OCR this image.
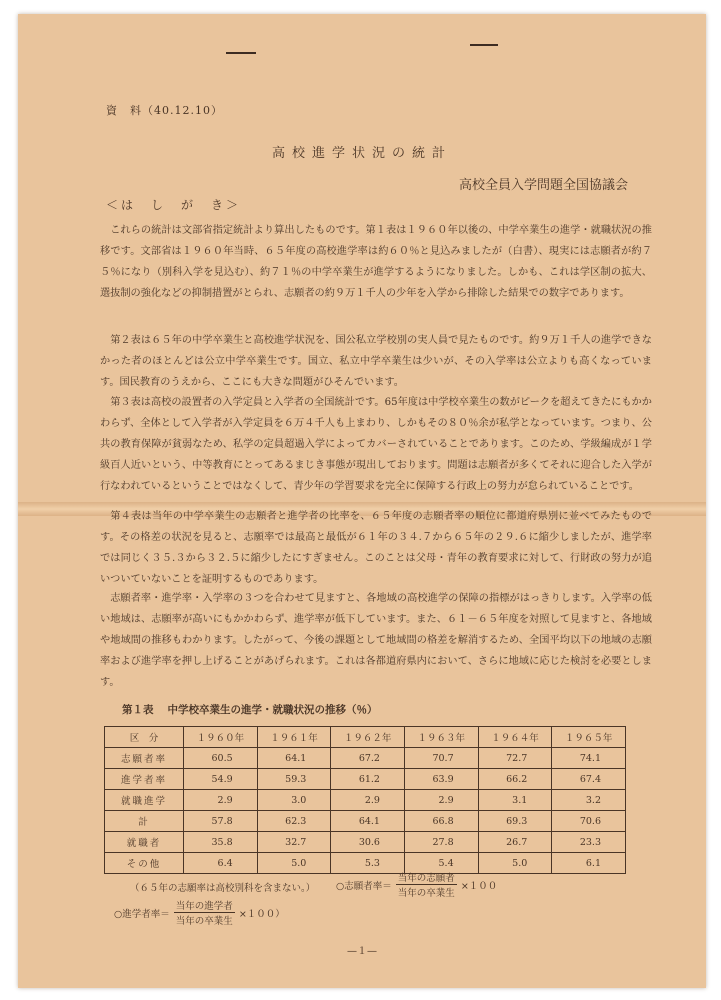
資　料（40.12.10）
高校進学状況の統計
高校全員入学問題全国協議会
＜は　し　が　き＞
これらの統計は文部省指定統計より算出したものです。第１表は１９６０年以後の、中学卒業生の進学・就職状況の推移です。文部省は１９６０年当時、６５年度の高校進学率は約６０％と見込みましたが（白書）、現実には志願者が約７５％になり（別科入学を見込む）、約７１％の中学卒業生が進学するようになりました。しかも、これは学区制の拡大、選抜制の強化などの抑制措置がとられ、志願者の約９万１千人の少年を入学から排除した結果での数字であります。
第２表は６５年の中学卒業生と高校進学状況を、国公私立学校別の実人員で見たものです。約９万１千人の進学できなかった者のほとんどは公立中学卒業生です。国立、私立中学卒業生は少いが、その入学率は公立よりも高くなっています。国民教育のうえから、ここにも大きな問題がひそんでいます。
第３表は高校の設置者の入学定員と入学者の全国統計です。65年度は中学校卒業生の数がピークを超えてきたにもかかわらず、全体として入学者が入学定員を６万４千人も上まわり、しかもその８０％余が私学となっています。つまり、公共の教育保障が貧弱なため、私学の定員超過入学によってカバーされていることであります。このため、学級編成が１学級百人近いという、中等教育にとってあるまじき事態が現出しております。問題は志願者が多くてそれに迎合した入学が行なわれているということではなくして、青少年の学習要求を完全に保障する行政上の努力が怠られていることです。
第４表は当年の中学卒業生の志願者と進学者の比率を、６５年度の志願者率の順位に都道府県別に並べてみたものです。その格差の状況を見ると、志願率では最高と最低が６１年の３４.７から６５年の２９.６に縮少しましたが、進学率では同じく３５.３から３２.５に縮少したにすぎません。このことは父母・青年の教育要求に対して、行財政の努力が追いついていないことを証明するものであります。
志願者率・進学率・入学率の３つを合わせて見ますと、各地域の高校進学の保障の指標がはっきりします。入学率の低い地域は、志願率が高いにもかかわらず、進学率が低下しています。また、６１－６５年度を対照して見ますと、各地域や地域間の推移もわかります。したがって、今後の課題として地域間の格差を解消するため、全国平均以下の地域の志願率および進学率を押し上げることがあげられます。これは各都道府県内において、さらに地域に応じた検討を必要とします。
第１表 中学校卒業生の進学・就職状況の推移（％）
区　分	１９６０年	１９６１年	１９６２年	１９６３年	１９６４年	１９６５年
志願者率	60.5	64.1	67.2	70.7	72.7	74.1
進学者率	54.9	59.3	61.2	63.9	66.2	67.4
就職進学	2.9	3.0	2.9	2.9	3.1	3.2
計	57.8	62.3	64.1	66.8	69.3	70.6
就職者	35.8	32.7	30.6	27.8	26.7	23.3
その他	6.4	5.0	5.3	5.4	5.0	6.1
（６５年の志願率は高校別科を含まない。） ○志願者率＝ $\frac{\text{当年の志願者}}{\text{当年の卒業生}} \times 100$
○進学者率＝ $\frac{\text{当年の進学者}}{\text{当年の卒業生}} \times 100$）
—１—
